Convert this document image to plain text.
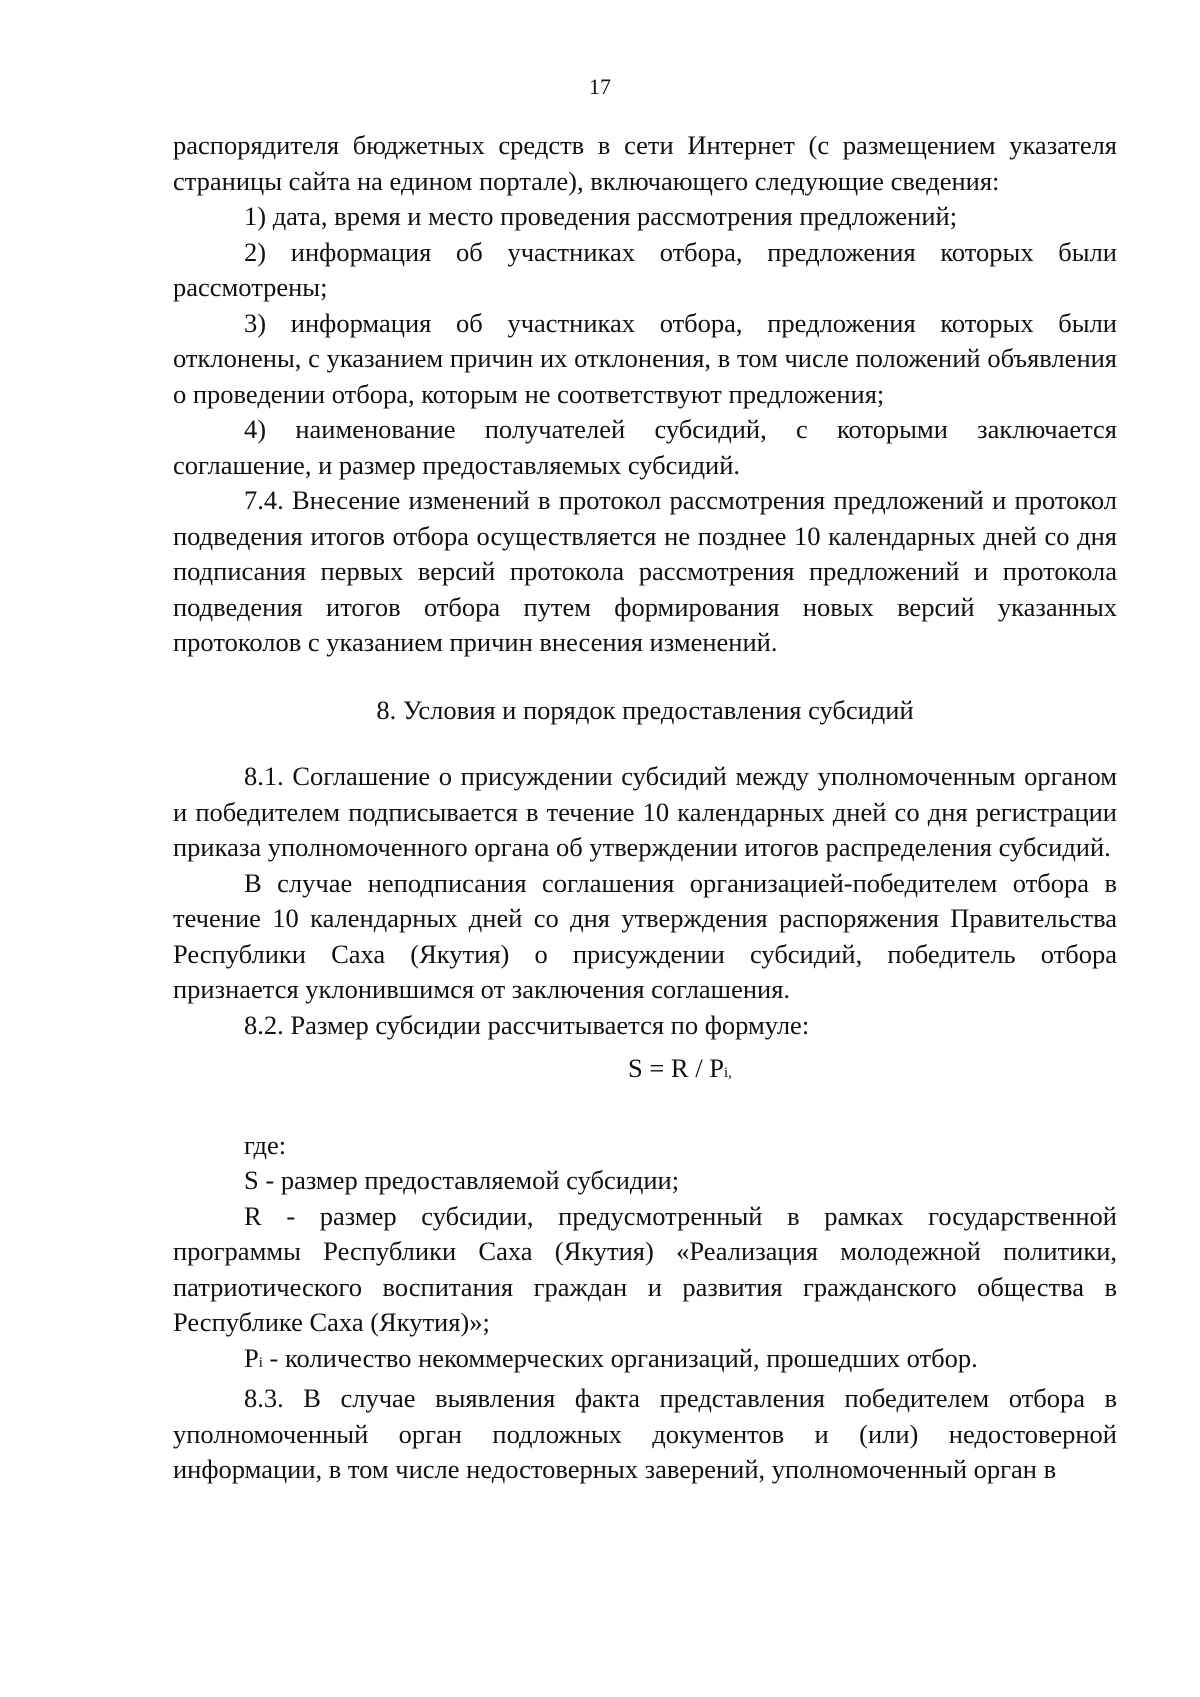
17

распорядителя бюджетных средств в сети Интернет (с размещением указателя страницы сайта на едином портале), включающего следующие сведения:

1) дата, время и место проведения рассмотрения предложений;

2) информация об участниках отбора, предложения которых были рассмотрены;

3) информация об участниках отбора, предложения которых были отклонены, с указанием причин их отклонения, в том числе положений объявления о проведении отбора, которым не соответствуют предложения;

4) наименование получателей субсидий, с которыми заключается соглашение, и размер предоставляемых субсидий.

7.4. Внесение изменений в протокол рассмотрения предложений и протокол подведения итогов отбора осуществляется не позднее 10 календарных дней со дня подписания первых версий протокола рассмотрения предложений и протокола подведения итогов отбора путем формирования новых версий указанных протоколов с указанием причин внесения изменений.

8. Условия и порядок предоставления субсидий

8.1. Соглашение о присуждении субсидий между уполномоченным органом и победителем подписывается в течение 10 календарных дней со дня регистрации приказа уполномоченного органа об утверждении итогов распределения субсидий.

В случае неподписания соглашения организацией-победителем отбора в течение 10 календарных дней со дня утверждения распоряжения Правительства Республики Саха (Якутия) о присуждении субсидий, победитель отбора признается уклонившимся от заключения соглашения.

8.2. Размер субсидии рассчитывается по формуле:

S = R / Pi,

где:

S - размер предоставляемой субсидии;

R - размер субсидии, предусмотренный в рамках государственной программы Республики Саха (Якутия) «Реализация молодежной политики, патриотического воспитания граждан и развития гражданского общества в Республике Саха (Якутия)»;

Pi - количество некоммерческих организаций, прошедших отбор.

8.3. В случае выявления факта представления победителем отбора в уполномоченный орган подложных документов и (или) недостоверной информации, в том числе недостоверных заверений, уполномоченный орган в
